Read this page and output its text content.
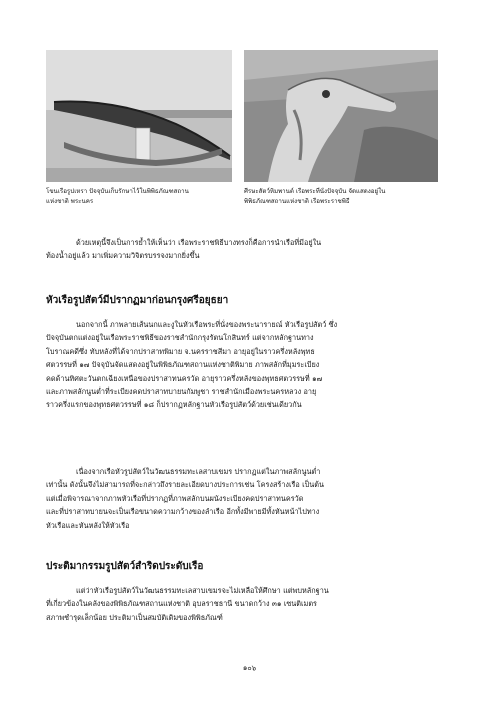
โขนเรือรูปเหรา ปัจจุบันเก็บรักษาไว้ในพิพิธภัณฑสถาน
แห่งชาติ พระนคร
ศีรษะสัตว์หิมพานต์ เรือพระที่นั่งปัจจุบัน จัดแสดงอยู่ใน
พิพิธภัณฑสถานแห่งชาติ เรือพระราชพิธี
ด้วยเหตุนี้จึงเป็นการย้ำให้เห็นว่า เรือพระราชพิธีบางทรงก็คือการนำเรือที่มีอยู่ใน
ท้องน้ำอยู่แล้ว มาเพิ่มความวิจิตรบรรจงมากยิ่งขึ้น
หัวเรือรูปสัตว์มีปรากฏมาก่อนกรุงศรีอยุธยา
นอกจากนี้ ภาพลายเส้นนกและงูในหัวเรือพระที่นั่งของพระนารายณ์ หัวเรือรูปสัตว์ ซึ่ง
ปัจจุบันตกแต่งอยู่ในเรือพระราชพิธีของราชสำนักกรุงรัตนโกสินทร์ แต่จากหลักฐานทาง
โบราณคดีซึ่ง ทับหลังที่ได้จากปราสาทพิมาย จ.นครราชสีมา อายุอยู่ในราวครึ่งหลังพุทธ
ศตวรรษที่ ๑๗ ปัจจุบันจัดแสดงอยู่ในพิพิธภัณฑสถานแห่งชาติพิมาย ภาพสลักที่มุมระเบียง
คดด้านทิศตะวันตกเฉียงเหนือของปราสาทนครวัด อายุราวครึ่งหลังของพุทธศตวรรษที่ ๑๗
และภาพสลักนูนต่ำที่ระเบียงคดปราสาทบายนกัมพูชา ราชสำนักเมืองพระนครหลวง อายุ
ราวครึ่งแรกของพุทธศตวรรษที่ ๑๘ ก็ปรากฏหลักฐานหัวเรือรูปสัตว์ด้วยเช่นเดียวกัน
เนื่องจากเรือหัวรูปสัตว์ในวัฒนธรรมทะเลสาบเขมร ปรากฏแต่ในภาพสลักนูนต่ำ
เท่านั้น ดังนั้นจึงไม่สามารถที่จะกล่าวถึงรายละเอียดบางประการเช่น โครงสร้างเรือ เป็นต้น
แต่เมื่อพิจารณาจากภาพหัวเรือที่ปรากฏที่ภาพสลักบนผนังระเบียงคดปราสาทนครวัด
และที่ปราสาทบายนจะเป็นเรือขนาดความกว้างของลำเรือ อีกทั้งมีพายมีทั้งหันหน้าไปทาง
หัวเรือและหันหลังให้หัวเรือ
ประติมากรรมรูปสัตว์สำริดประดับเรือ
แต่ว่าหัวเรือรูปสัตว์ในวัฒนธรรมทะเลสาบเขมรจะไม่เหลือให้ศึกษา แต่พบหลักฐาน
ที่เกี่ยวข้องในคลังของพิพิธภัณฑสถานแห่งชาติ อุบลราชธานี ขนาดกว้าง ๓๑ เซนติเมตร
สภาพชำรุดเล็กน้อย ประติมาเป็นสมบัติเดิมของพิพิธภัณฑ์
๑๐๖
